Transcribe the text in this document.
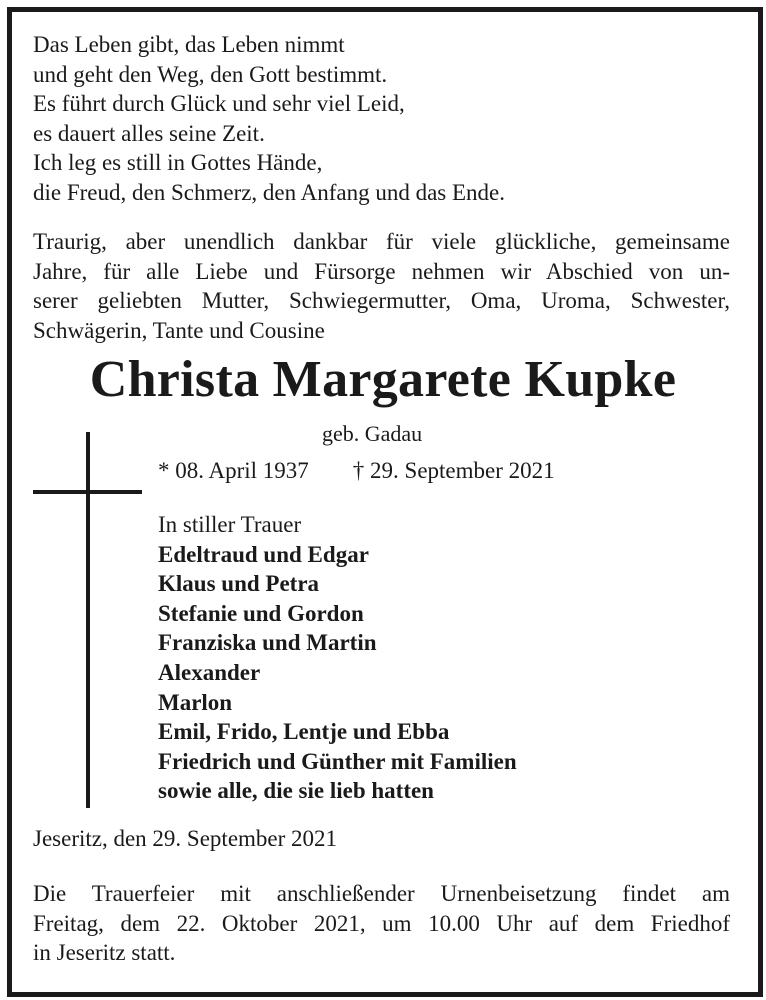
Das Leben gibt, das Leben nimmt
und geht den Weg, den Gott bestimmt.
Es führt durch Glück und sehr viel Leid,
es dauert alles seine Zeit.
Ich leg es still in Gottes Hände,
die Freud, den Schmerz, den Anfang und das Ende.
Traurig, aber unendlich dankbar für viele glückliche, gemeinsame
Jahre, für alle Liebe und Fürsorge nehmen wir Abschied von un-
serer geliebten Mutter, Schwiegermutter, Oma, Uroma, Schwester,
Schwägerin, Tante und Cousine
Christa Margarete Kupke
geb. Gadau
* 08. April 1937 † 29. September 2021
In stiller Trauer
Edeltraud und Edgar
Klaus und Petra
Stefanie und Gordon
Franziska und Martin
Alexander
Marlon
Emil, Frido, Lentje und Ebba
Friedrich und Günther mit Familien
sowie alle, die sie lieb hatten
Jeseritz, den 29. September 2021
Die Trauerfeier mit anschließender Urnenbeisetzung findet am
Freitag, dem 22. Oktober 2021, um 10.00 Uhr auf dem Friedhof
in Jeseritz statt.
